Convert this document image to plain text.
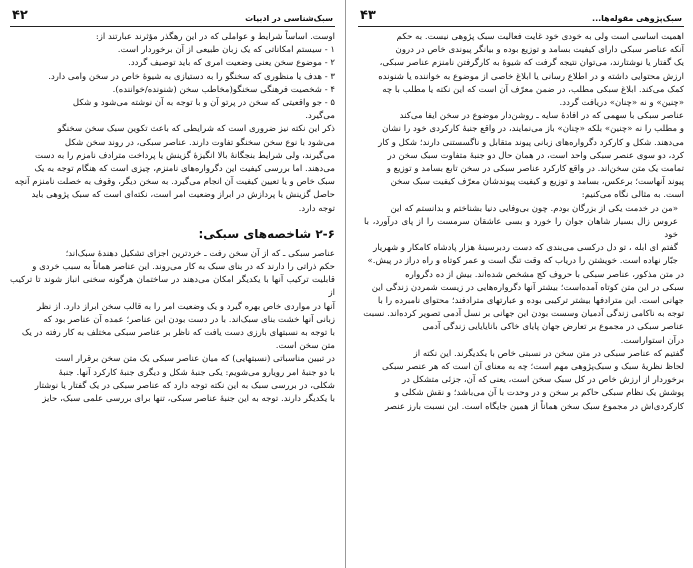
۴۲	سبک‌شناسی در ادبیات

اوست. اساساً شرایط و عواملی که در این رهگذر مؤثرند عبارتند از:

۱ - سیستم امکاناتی که یک زبان طبیعی از آن برخوردار است.

۲ - موضوع سخن یعنی وضعیت امری که باید توصیف گردد.

۳ - هدف یا منظوری که سخنگو را به دستیازی به شیوهٔ خاص در سخن وامی دارد.

۴ - شخصیت فرهنگی سخنگو(مخاطب سخن (شنونده/خواننده).

۵ - جو واقعیتی که سخن در پرتو آن و با توجه به آن نوشته می‌شود و شکل

می‌گیرد.

ذکر این نکته نیز ضروری است که شرایطی که باعث تکوین سبک سخن سخنگو

می‌شود با نوع سخن سخنگو تفاوت دارند. عناصر سبکی، در روند سخن شکل

می‌گیرند، ولی شرایط بنجگانهٔ بالا انگیزهٔ گزینش یا پرداخت مترادف نامزم را به دست

می‌دهند. اما بررسی کیفیت این دگرواره‌های نامنزم، چیزی است که هنگام توجه به یک

سبک خاص و یا تعیین کیفیت آن انجام می‌گیرد. به سخن دیگر، وقوف به خصلت نامنزم آنچه

حاصل گزینش یا پردازش در ابراز وضعیت امر است، نکته‌ای است که سبک پژوهی باید

توجه دارد.

۲-۶ شاخصه‌های سبکی:

عناصر سبکی ـ که از آن سخن رفت ـ خردترین اجزای تشکیل دهندهٔ سبک‌اند؛

حکم ذراتی را دارند که در بنای سبک به کار می‌روند. این عناصر هماناً به سبب خردی و

قابلیت ترکیب آنها با یکدیگر امکان می‌دهند در ساختمان هرگونه سخنی انباز شوند تا ترکیب از

آنها در مواردی خاص بهره گیرد و یک وضعیت امر را به قالب سخن ابراز دارد. از نظر

زبانی آنها خشت بنای سبک‌اند. با در دست بودن این عناصر؛ عمده آن عناصر بود که

با توجه به نسبتهای بارزی دست یافت که ناظر بر عناصر سبکی مختلف به کار رفته در یک

متن سخن است.

در تبیین مناسباتی (نسبتهایی) که میان عناصر سبکی یک متن سخن برقرار است

با دو جنبهٔ امر رویارو می‌شویم: یکی جنبهٔ شکل و دیگری جنبهٔ کارکرد آنها. جنبهٔ

شکلی، در بررسی سبک به این نکته توجه دارد که عناصر سبکی در یک گفتار یا نوشتار

با یکدیگر دارند. توجه به این جنبهٔ عناصر سبکی، تنها برای بررسی علمی سبک، حایز

۴۳	سبک‌پژوهی مقوله‌ها...

اهمیت اساسی است ولی به خودی خود غایت فعالیت سبک پژوهی نیست. به حکم

آنکه عناصر سبکی دارای کیفیت بسامد و توزیع بوده و بیانگر پیوندی خاص در درون

یک گفتار یا نوشتارند، می‌توان نتیجه گرفت که شیوهٔ به کارگرفتن نامنزم عناصر سبکی،

ارزش محتوایی داشته و در اطلاع رسانی یا ابلاغ خاصی از موضوع به خواننده یا شنونده

کمک می‌کند. ابلاغ سبکی مطلب، در ضمن معرّف آن است که این نکته یا مطلب با چه

«چنین» و نه «چنان» دریافت گردد.

عناصر سبکی با سهمی که در افادهٔ سایه ـ روشن‌دار موضوع در سخن ایفا می‌کند

و مطلب را نه «چنین» بلکه «چنان» باز می‌نمایند، در واقع جنبهٔ کارکردی خود را نشان

می‌دهند. شکل و کارکرد دگرواره‌های زبانی پیوند متقابل و ناگسستنی دارند؛ شکل و کار

کرد، دو سوی عنصر سبکی واحد است، در همان حال دو جنبهٔ متفاوت سبک سخن در

تمامت یک متن سخن‌اند. در واقع کارکرد عناصر سبکی در سخن تابع بسامد و توزیع و

پیوند آنهاست؛ برعکس، بسامد و توزیع و کیفیت پیوندشان معرّف کیفیت سبک سخن

است. به مثالی نگاه می‌کنیم:

«من در خدمت یکی از بزرگان بودم. چون بی‌وفایی دنیا بشناختم و بدانستم که این

عروس زال بسیار شاهان جوان را خورد و بسی عاشقان سرمست را از پای درآورد، با خود

گفتم ای ابله ، تو دل درکسی می‌بندی که دست ردبرسینهٔ هزار پادشاه کامکار و شهریار

جبّار نهاده است. خویشتن را دریاب که وقت تنگ است و عمر کوتاه و راه دراز در پیش.»

در متن مذکور، عناصر سبکی با حروف کج مشخص شده‌اند. بیش از ده دگرواره

سبکی در این متن کوتاه آمده‌است؛ بیشتر آنها دگرواره‌هایی در زیست شمردن زندگی این

جهانی است. این مترادفها بیشتر ترکیبی بوده و عبارتهای مترادفند؛ محتوای نامبرده را با

توجه به ناکامی زندگی آدمیان وسست بودن این جهانی بر نسل آدمی تصویر کرده‌اند. نسبت

عناصر سبکی در مجموع بر تعارض جهان پایای خاکی بانایایایی زندگی آدمی

درآن استواراست.

گفتیم که عناصر سبکی در متن سخن در نسبتی خاص با یکدیگرند. این نکته از

لحاظ نظریهٔ سبک و سبک‌پژوهی مهم است؛ چه به معنای آن است که هر عنصر سبکی

برخوردار از ارزش خاص در کل سبک سخن است، یعنی که آن، جزئی متشکل در

پوشش یک نظام سبکی حاکم بر سخن و در وحدت با آن می‌باشد؛ و نقش شکلی و

کارکردی‌اش در مجموع سبک سخن هماناً از همین جایگاه است. این نسبت بارز عنصر
